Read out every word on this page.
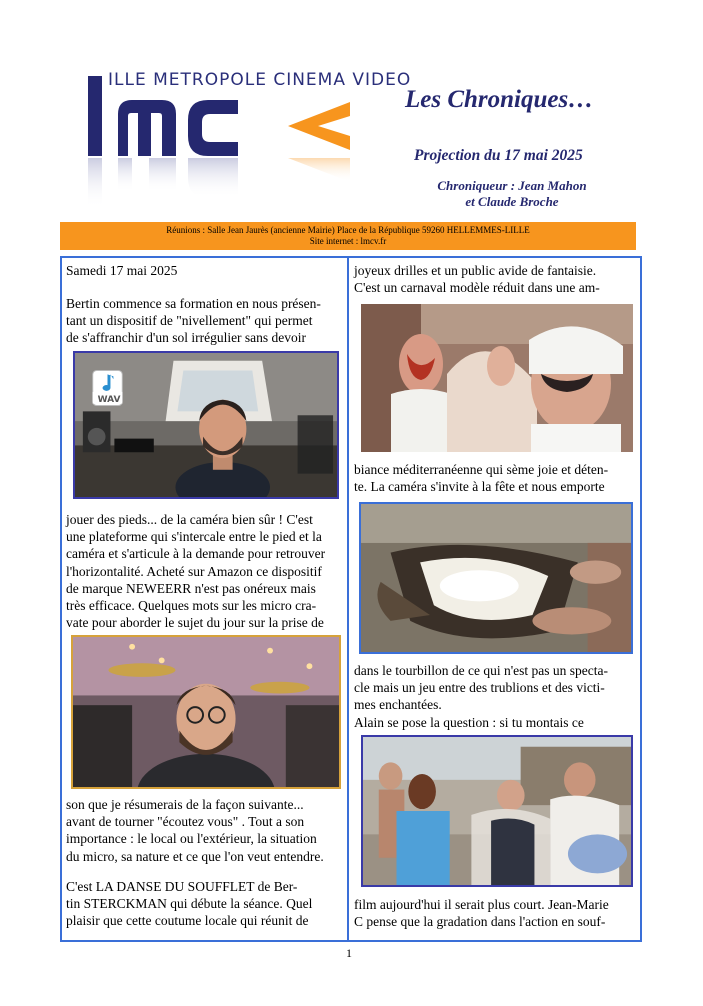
ILLE METROPOLE CINEMA VIDEO
Les Chroniques…
Projection du 17 mai 2025
Chroniqueur : Jean Mahon
et Claude Broche
Réunions : Salle Jean Jaurès (ancienne Mairie) Place de la République 59260 HELLEMMES-LILLE
Site internet : lmcv.fr
Samedi 17 mai 2025
Bertin commence sa formation en nous présen-
tant un dispositif de "nivellement" qui permet
de s'affranchir d'un sol irrégulier sans devoir
WAV
jouer des pieds... de la caméra bien sûr ! C'est
une plateforme qui s'intercale entre le pied et la
caméra et s'articule à la demande pour retrouver
l'horizontalité. Acheté sur Amazon ce dispositif
de marque NEWEERR n'est pas onéreux mais
très efficace. Quelques mots sur les micro cra-
vate pour aborder le sujet du jour sur la prise de
son que je résumerais de la façon suivante...
avant de tourner "écoutez vous" . Tout a son
importance : le local ou l'extérieur, la situation
du micro, sa nature et ce que l'on veut entendre.
C'est LA DANSE DU SOUFFLET de Ber-
tin STERCKMAN qui débute la séance. Quel
plaisir que cette coutume locale qui réunit de
joyeux drilles et un public avide de fantaisie.
C'est un carnaval modèle réduit dans une am-
biance méditerranéenne qui sème joie et déten-
te. La caméra s'invite à la fête et nous emporte
dans le tourbillon de ce qui n'est pas un specta-
cle mais un jeu entre des trublions et des victi-
mes enchantées.
Alain se pose la question : si tu montais ce
film aujourd'hui il serait plus court. Jean-Marie
C pense que la gradation dans l'action en souf-
1
